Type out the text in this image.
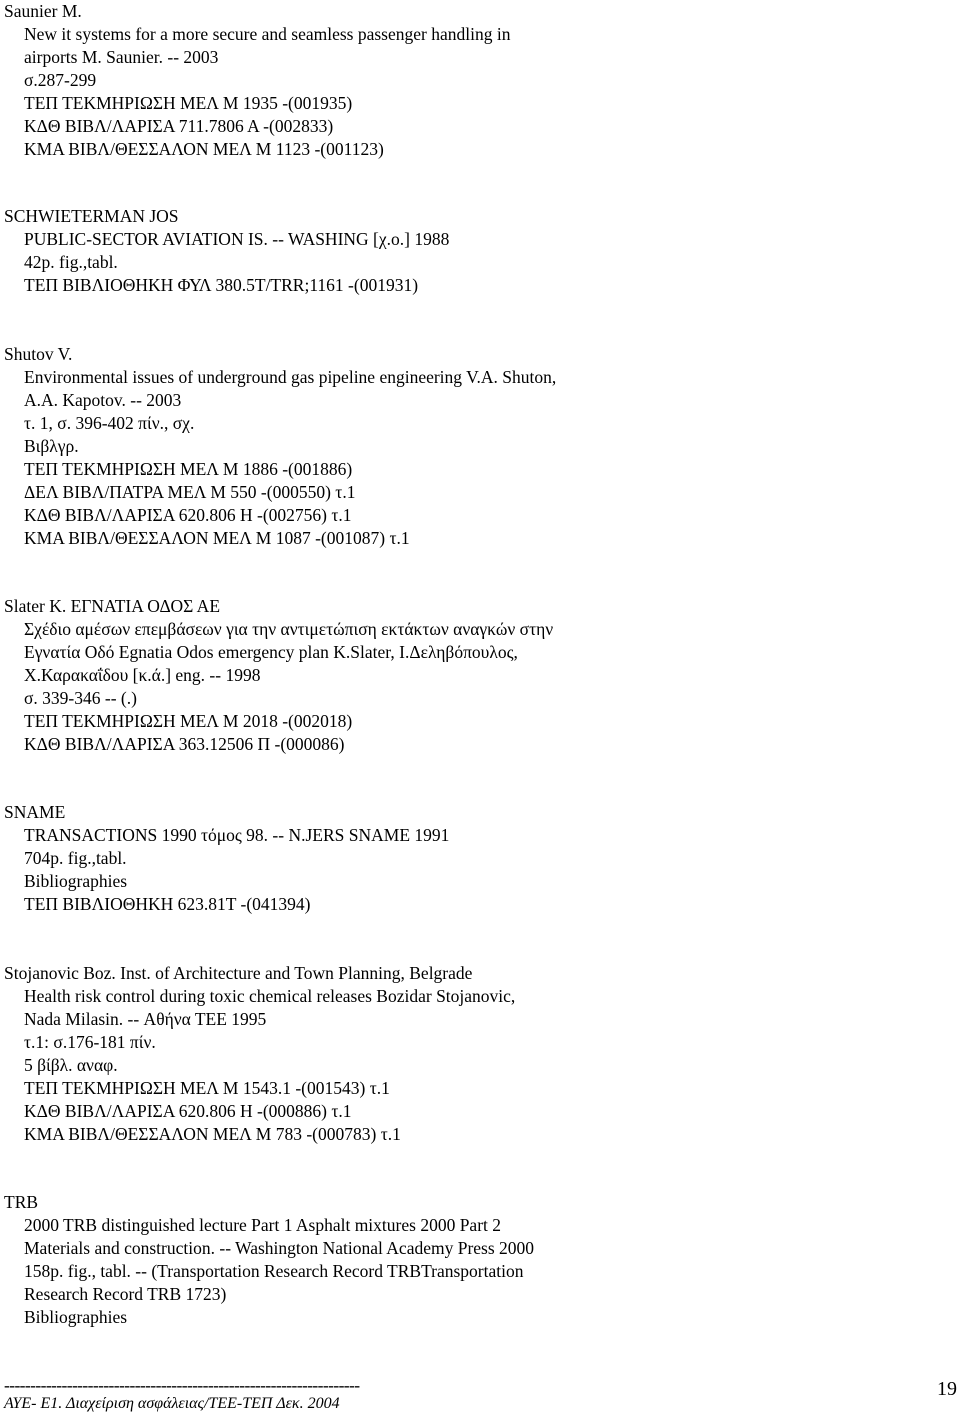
Saunier M.
New it systems for a more secure and seamless passenger handling in
airports M. Saunier. -- 2003
σ.287-299
ΤΕΠ ΤΕΚΜΗΡΙΩΣΗ ΜΕΛ Μ 1935 -(001935)
ΚΔΘ ΒΙΒΛ/ΛΑΡΙΣΑ 711.7806 Α -(002833)
ΚΜΑ ΒΙΒΛ/ΘΕΣΣΑΛΟΝ ΜΕΛ Μ 1123 -(001123)
SCHWIETERMAN JOS
PUBLIC-SECTOR AVIATION IS. -- WASHING [χ.ο.] 1988
42p. fig.,tabl.
ΤΕΠ ΒΙΒΛΙΟΘΗΚΗ ΦΥΛ 380.5T/TRR;1161 -(001931)
Shutov V.
Environmental issues of underground gas pipeline engineering V.A. Shuton,
A.A. Kapotov. -- 2003
τ. 1, σ. 396-402 πίν., σχ.
Βιβλγρ.
ΤΕΠ ΤΕΚΜΗΡΙΩΣΗ ΜΕΛ Μ 1886 -(001886)
ΔΕΛ ΒΙΒΛ/ΠΑΤΡΑ ΜΕΛ Μ 550 -(000550) τ.1
ΚΔΘ ΒΙΒΛ/ΛΑΡΙΣΑ 620.806 Η -(002756) τ.1
ΚΜΑ ΒΙΒΛ/ΘΕΣΣΑΛΟΝ ΜΕΛ Μ 1087 -(001087) τ.1
Slater K. ΕΓΝΑΤΙΑ ΟΔΟΣ ΑΕ
Σχέδιο αμέσων επεμβάσεων για την αντιμετώπιση εκτάκτων αναγκών στην
Εγνατία Οδό Egnatia Odos emergency plan K.Slater, Ι.Δεληβόπουλος,
Χ.Καρακαΐδου [κ.ά.] eng. -- 1998
σ. 339-346 -- (.)
ΤΕΠ ΤΕΚΜΗΡΙΩΣΗ ΜΕΛ Μ 2018 -(002018)
ΚΔΘ ΒΙΒΛ/ΛΑΡΙΣΑ 363.12506 Π -(000086)
SNAME
TRANSACTIONS 1990 τόμος 98. -- N.JERS SNAME 1991
704p. fig.,tabl.
Bibliographies
ΤΕΠ ΒΙΒΛΙΟΘΗΚΗ 623.81T -(041394)
Stojanovic Boz. Inst. of Architecture and Town Planning, Belgrade
Health risk control during toxic chemical releases Bozidar Stojanovic,
Nada Milasin. -- Αθήνα ΤΕΕ 1995
τ.1: σ.176-181 πίν.
5 βίβλ. αναφ.
ΤΕΠ ΤΕΚΜΗΡΙΩΣΗ ΜΕΛ Μ 1543.1 -(001543) τ.1
ΚΔΘ ΒΙΒΛ/ΛΑΡΙΣΑ 620.806 Η -(000886) τ.1
ΚΜΑ ΒΙΒΛ/ΘΕΣΣΑΛΟΝ ΜΕΛ Μ 783 -(000783) τ.1
TRB
2000 TRB distinguished lecture Part 1 Asphalt mixtures 2000 Part 2
Materials and construction. -- Washington National Academy Press 2000
158p. fig., tabl. -- (Transportation Research Record TRBTransportation
Research Record TRB 1723)
Bibliographies
--------------------------------------------------------------------
ΑΥΕ- Ε1. Διαχείριση ασφάλειας/ΤΕΕ-ΤΕΠ Δεκ. 2004
19
